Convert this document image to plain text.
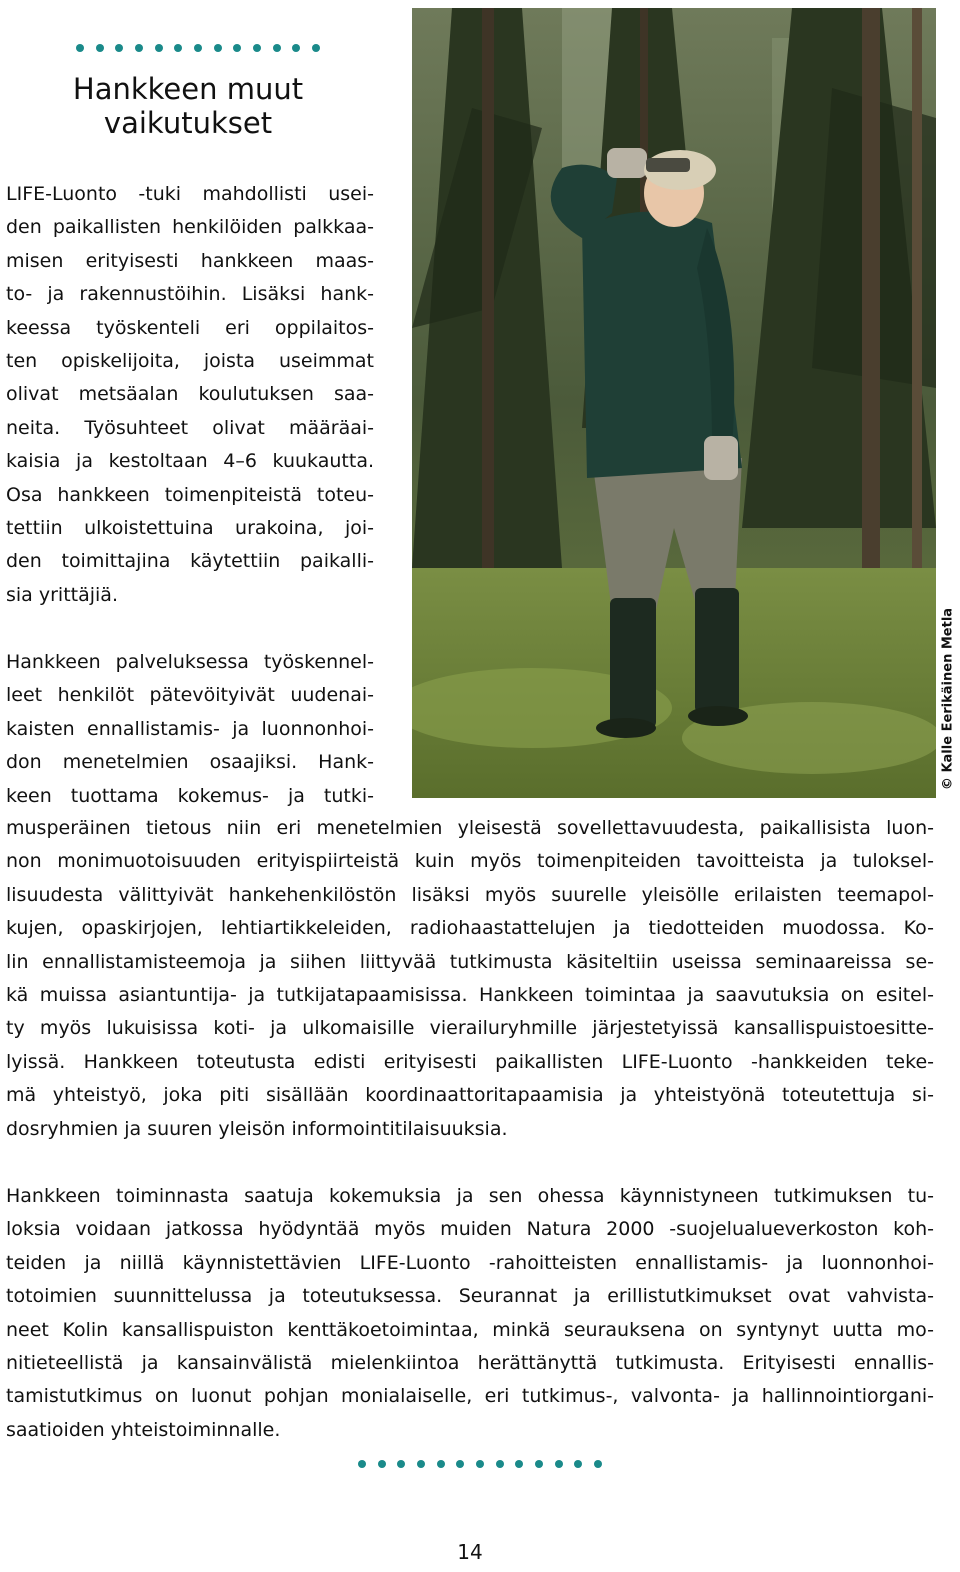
Hankkeen muut vaikutukset

LIFE-Luonto -tuki mahdollisti usei-
den paikallisten henkilöiden palkkaa-
misen erityisesti hankkeen maas-
to- ja rakennustöihin. Lisäksi hank-
keessa työskenteli eri oppilaitos-
ten opiskelijoita, joista useimmat
olivat metsäalan koulutuksen saa-
neita. Työsuhteet olivat määräai-
kaisia ja kestoltaan 4–6 kuukautta.
Osa hankkeen toimenpiteistä toteu-
tettiin ulkoistettuina urakoina, joi-
den toimittajina käytettiin paikalli-
sia yrittäjiä.

Hankkeen palveluksessa työskennel-
leet henkilöt pätevöityivät uudenai-
kaisten ennallistamis- ja luonnonhoi-
don menetelmien osaajiksi. Hank-
keen tuottama kokemus- ja tutki-

© Kalle Eerikäinen Metla

musperäinen tietous niin eri menetelmien yleisestä sovellettavuudesta, paikallisista luon-
non monimuotoisuuden erityispiirteistä kuin myös toimenpiteiden tavoitteista ja tuloksel-
lisuudesta välittyivät hankehenkilöstön lisäksi myös suurelle yleisölle erilaisten teemapol-
kujen, opaskirjojen, lehtiartikkeleiden, radiohaastattelujen ja tiedotteiden muodossa. Ko-
lin ennallistamisteemoja ja siihen liittyvää tutkimusta käsiteltiin useissa seminaareissa se-
kä muissa asiantuntija- ja tutkijatapaamisissa. Hankkeen toimintaa ja saavutuksia on esitel-
ty myös lukuisissa koti- ja ulkomaisille vierailuryhmille järjestetyissä kansallispuistoesitte-
lyissä. Hankkeen toteutusta edisti erityisesti paikallisten LIFE-Luonto -hankkeiden teke-
mä yhteistyö, joka piti sisällään koordinaattoritapaamisia ja yhteistyönä toteutettuja si-
dosryhmien ja suuren yleisön informointitilaisuuksia.

Hankkeen toiminnasta saatuja kokemuksia ja sen ohessa käynnistyneen tutkimuksen tu-
loksia voidaan jatkossa hyödyntää myös muiden Natura 2000 -suojelualueverkoston koh-
teiden ja niillä käynnistettävien LIFE-Luonto -rahoitteisten ennallistamis- ja luonnonhoi-
totoimien suunnittelussa ja toteutuksessa. Seurannat ja erillistutkimukset ovat vahvista-
neet Kolin kansallispuiston kenttäkoetoimintaa, minkä seurauksena on syntynyt uutta mo-
nitieteellistä ja kansainvälistä mielenkiintoa herättänyttä tutkimusta. Erityisesti ennallis-
tamistutkimus on luonut pohjan monialaiselle, eri tutkimus-, valvonta- ja hallinnointiorgani-
saatioiden yhteistoiminnalle.

14
